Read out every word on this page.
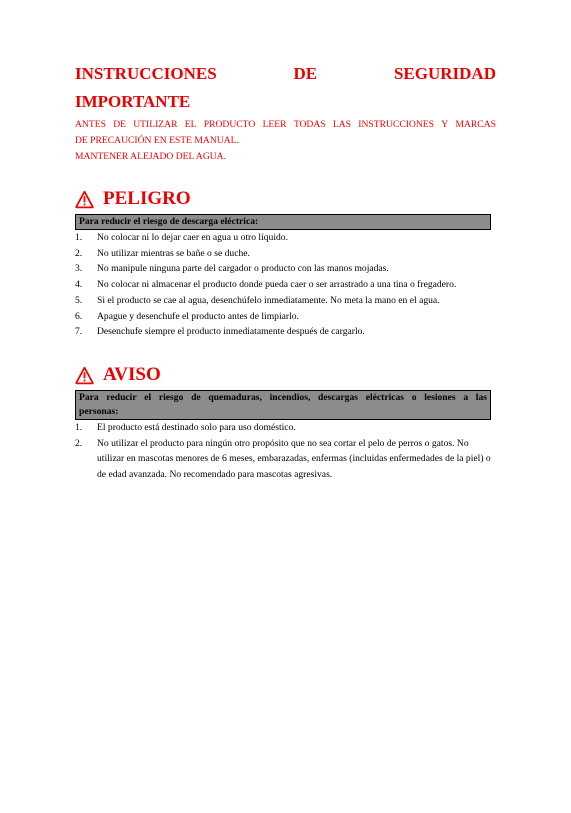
INSTRUCCIONES	DE	SEGURIDAD
IMPORTANTE
ANTES DE UTILIZAR EL PRODUCTO LEER TODAS LAS INSTRUCCIONES Y MARCAS
DE PRECAUCIÓN EN ESTE MANUAL.
MANTENER ALEJADO DEL AGUA.
PELIGRO
Para reducir el riesgo de descarga eléctrica:
1.	No colocar ni lo dejar caer en agua u otro líquido.
2.	No utilizar mientras se bañe o se duche.
3.	No manipule ninguna parte del cargador o producto con las manos mojadas.
4.	No colocar ni almacenar el producto donde pueda caer o ser arrastrado a una tina o fregadero.
5.	Si el producto se cae al agua, desenchúfelo inmediatamente. No meta la mano en el agua.
6.	Apague y desenchufe el producto antes de limpiarlo.
7.	Desenchufe siempre el producto inmediatamente después de cargarlo.
AVISO
Para reducir el riesgo de quemaduras, incendios, descargas eléctricas o lesiones a las
personas:
1.	El producto está destinado solo para uso doméstico.
2.	No utilizar el producto para ningún otro propósito que no sea cortar el pelo de perros o gatos. No utilizar en mascotas menores de 6 meses, embarazadas, enfermas (incluidas enfermedades de la piel) o de edad avanzada. No recomendado para mascotas agresivas.
